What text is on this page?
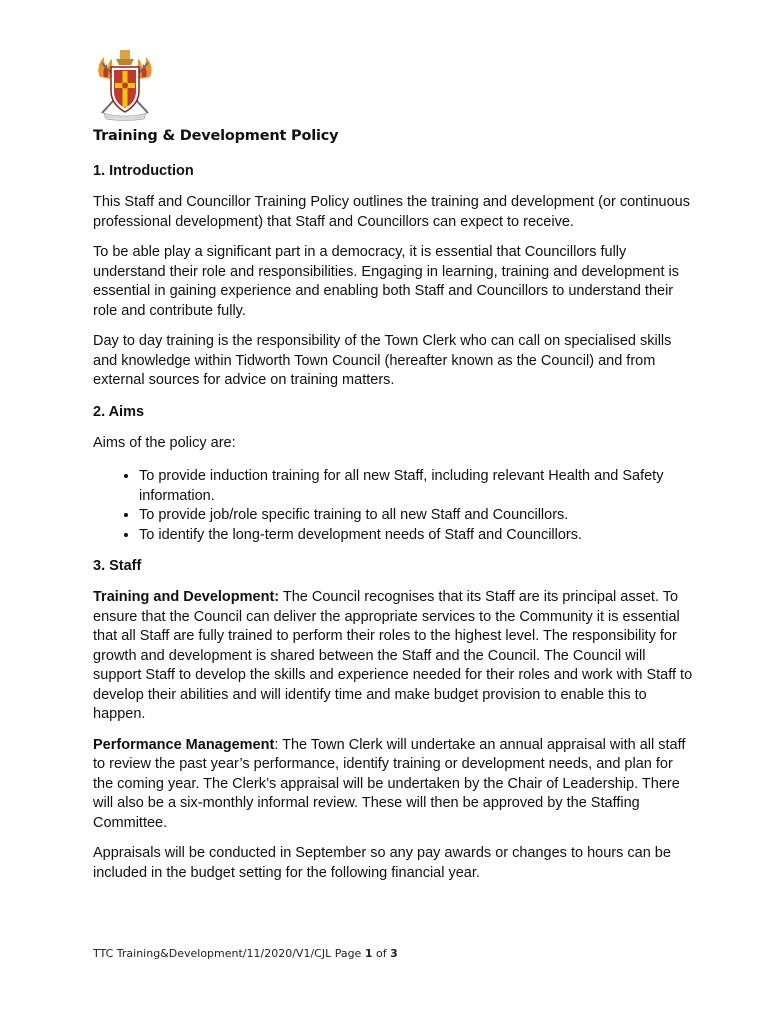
Training & Development Policy
1. Introduction

This Staff and Councillor Training Policy outlines the training and development (or continuous professional development) that Staff and Councillors can expect to receive.

To be able play a significant part in a democracy, it is essential that Councillors fully understand their role and responsibilities. Engaging in learning, training and development is essential in gaining experience and enabling both Staff and Councillors to understand their role and contribute fully.

Day to day training is the responsibility of the Town Clerk who can call on specialised skills and knowledge within Tidworth Town Council (hereafter known as the Council) and from external sources for advice on training matters.

2. Aims

Aims of the policy are:

• To provide induction training for all new Staff, including relevant Health and Safety information.
• To provide job/role specific training to all new Staff and Councillors.
• To identify the long-term development needs of Staff and Councillors.
3. Staff

Training and Development: The Council recognises that its Staff are its principal asset. To ensure that the Council can deliver the appropriate services to the Community it is essential that all Staff are fully trained to perform their roles to the highest level. The responsibility for growth and development is shared between the Staff and the Council. The Council will support Staff to develop the skills and experience needed for their roles and work with Staff to develop their abilities and will identify time and make budget provision to enable this to happen.

Performance Management: The Town Clerk will undertake an annual appraisal with all staff to review the past year’s performance, identify training or development needs, and plan for the coming year. The Clerk’s appraisal will be undertaken by the Chair of Leadership. There will also be a six-monthly informal review. These will then be approved by the Staffing Committee.

Appraisals will be conducted in September so any pay awards or changes to hours can be included in the budget setting for the following financial year.

TTC Training&Development/11/2020/V1/CJL Page 1 of 3
